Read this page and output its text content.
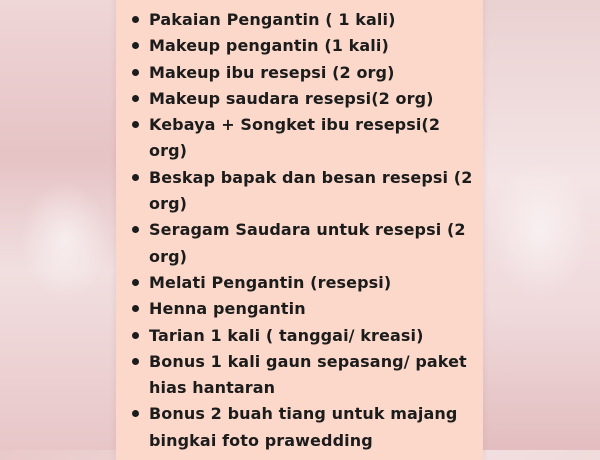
Pakaian Pengantin ( 1 kali)
Makeup pengantin (1 kali)
Makeup ibu resepsi (2 org)
Makeup saudara resepsi(2 org)
Kebaya + Songket ibu resepsi(2 org)
Beskap bapak dan besan resepsi (2 org)
Seragam Saudara untuk resepsi (2 org)
Melati Pengantin (resepsi)
Henna pengantin
Tarian 1 kali ( tanggai/ kreasi)
Bonus 1 kali gaun sepasang/ paket hias hantaran
Bonus 2 buah tiang untuk majang bingkai foto prawedding
